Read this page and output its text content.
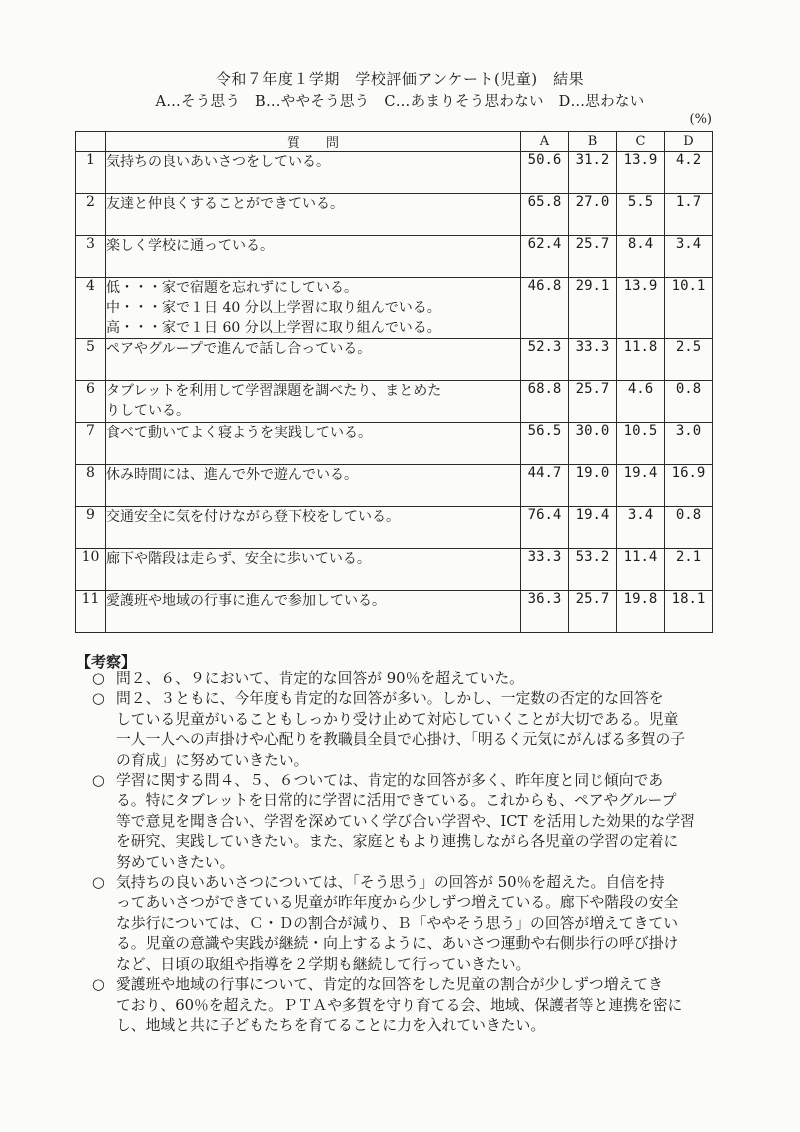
令和７年度１学期　学校評価アンケート(児童)　結果
A…そう思う　B…ややそう思う　C…あまりそう思わない　D…思わない
(%)
	質　　問	A	B	C	D
1	気持ちの良いあいさつをしている。	50.6	31.2	13.9	4.2
2	友達と仲良くすることができている。	65.8	27.0	5.5	1.7
3	楽しく学校に通っている。	62.4	25.7	8.4	3.4
4	低・・・家で宿題を忘れずにしている。
中・・・家で１日 40 分以上学習に取り組んでいる。
高・・・家で１日 60 分以上学習に取り組んでいる。	46.8	29.1	13.9	10.1
5	ペアやグループで進んで話し合っている。	52.3	33.3	11.8	2.5
6	タブレットを利用して学習課題を調べたり、まとめた
りしている。	68.8	25.7	4.6	0.8
7	食べて動いてよく寝ようを実践している。	56.5	30.0	10.5	3.0
8	休み時間には、進んで外で遊んでいる。	44.7	19.0	19.4	16.9
9	交通安全に気を付けながら登下校をしている。	76.4	19.4	3.4	0.8
10	廊下や階段は走らず、安全に歩いている。	33.3	53.2	11.4	2.1
11	愛護班や地域の行事に進んで参加している。	36.3	25.7	19.8	18.1
【考察】
○ 問２、６、９において、肯定的な回答が 90％を超えていた。
○ 問２、３ともに、今年度も肯定的な回答が多い。しかし、一定数の否定的な回答を
している児童がいることもしっかり受け止めて対応していくことが大切である。児童
一人一人への声掛けや心配りを教職員全員で心掛け、「明るく元気にがんばる多賀の子
の育成」に努めていきたい。
○ 学習に関する問４、５、６ついては、肯定的な回答が多く、昨年度と同じ傾向であ
る。特にタブレットを日常的に学習に活用できている。これからも、ペアやグループ
等で意見を聞き合い、学習を深めていく学び合い学習や、ICT を活用した効果的な学習
を研究、実践していきたい。また、家庭ともより連携しながら各児童の学習の定着に
努めていきたい。
○ 気持ちの良いあいさつについては、「そう思う」の回答が 50％を超えた。自信を持
ってあいさつができている児童が昨年度から少しずつ増えている。廊下や階段の安全
な歩行については、Ｃ・Ｄの割合が減り、Ｂ「ややそう思う」の回答が増えてきてい
る。児童の意識や実践が継続・向上するように、あいさつ運動や右側歩行の呼び掛け
など、日頃の取組や指導を２学期も継続して行っていきたい。
○ 愛護班や地域の行事について、肯定的な回答をした児童の割合が少しずつ増えてき
ており、60％を超えた。ＰＴＡや多賀を守り育てる会、地域、保護者等と連携を密に
し、地域と共に子どもたちを育てることに力を入れていきたい。
